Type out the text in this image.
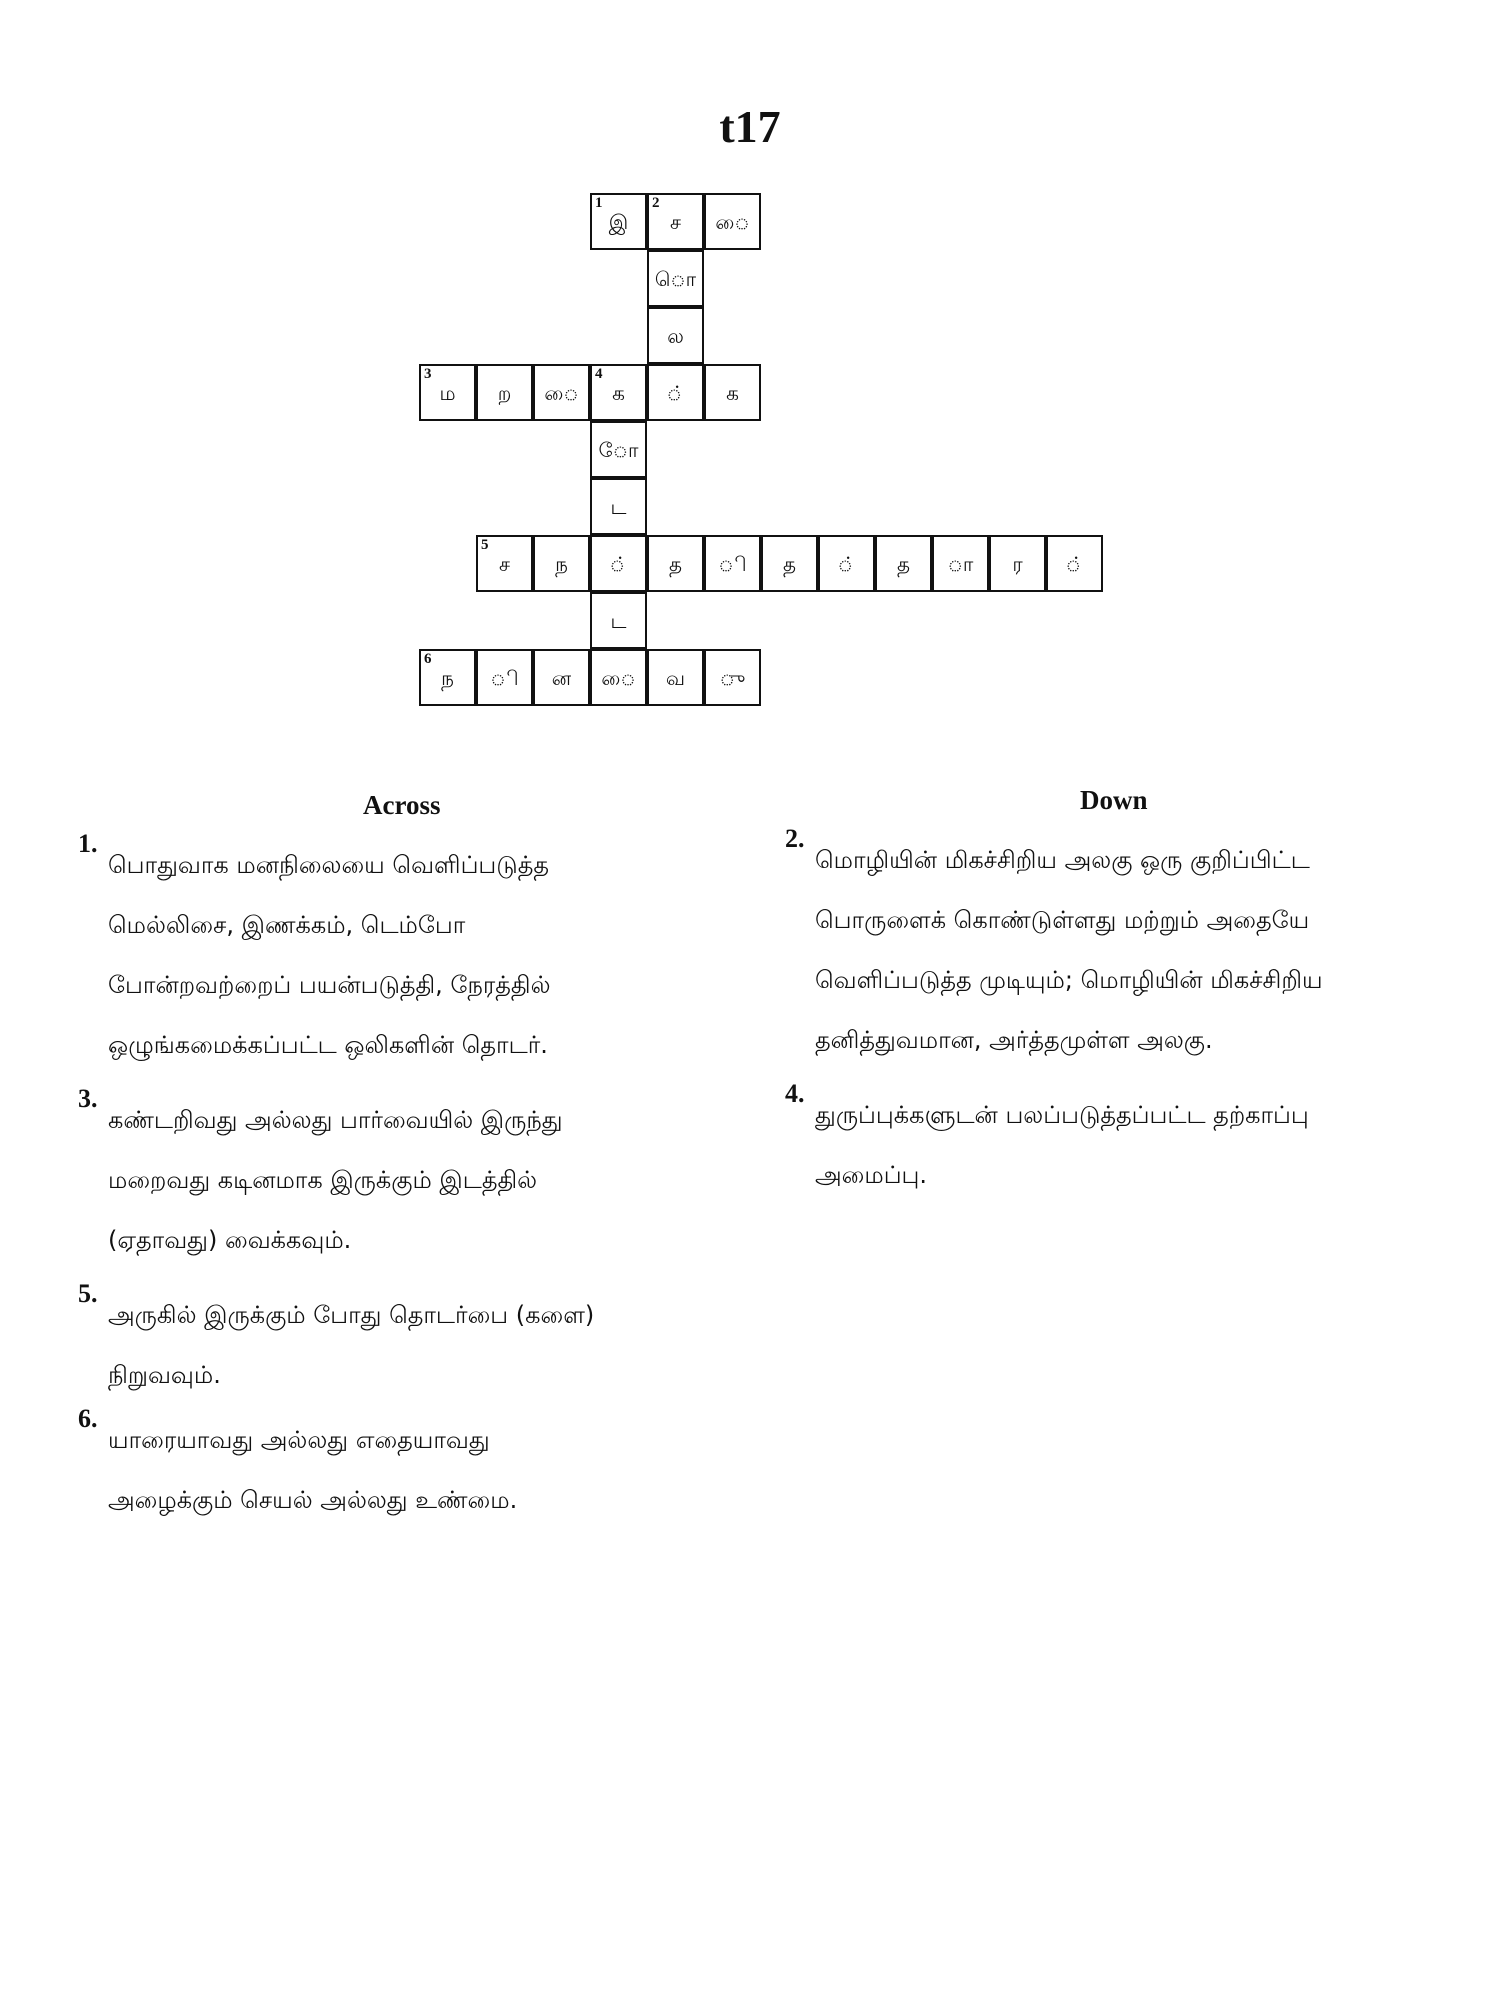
t17
1
இ
2
ச	ை
ொ
ல
3
ம	ற	ை
4
க	்	க
ோ
ட
5
ச	ந	்	த	ி	த	்	த	ா	ர	்
ட
6
ந	ி	ன	ை	வ	ு
Across	Down
1.
பொதுவாக மனநிலையை வெளிப்படுத்த
மெல்லிசை, இணக்கம், டெம்போ
போன்றவற்றைப் பயன்படுத்தி, நேரத்தில்
ஒழுங்கமைக்கப்பட்ட ஒலிகளின் தொடர்.
3.
கண்டறிவது அல்லது பார்வையில் இருந்து
மறைவது கடினமாக இருக்கும் இடத்தில்
(ஏதாவது) வைக்கவும்.
5.
அருகில் இருக்கும் போது தொடர்பை (களை)
நிறுவவும்.
6.
யாரையாவது அல்லது எதையாவது
அழைக்கும் செயல் அல்லது உண்மை.
2.
மொழியின் மிகச்சிறிய அலகு ஒரு குறிப்பிட்ட
பொருளைக் கொண்டுள்ளது மற்றும் அதையே
வெளிப்படுத்த முடியும்; மொழியின் மிகச்சிறிய
தனித்துவமான, அர்த்தமுள்ள அலகு.
4.
துருப்புக்களுடன் பலப்படுத்தப்பட்ட தற்காப்பு
அமைப்பு.
